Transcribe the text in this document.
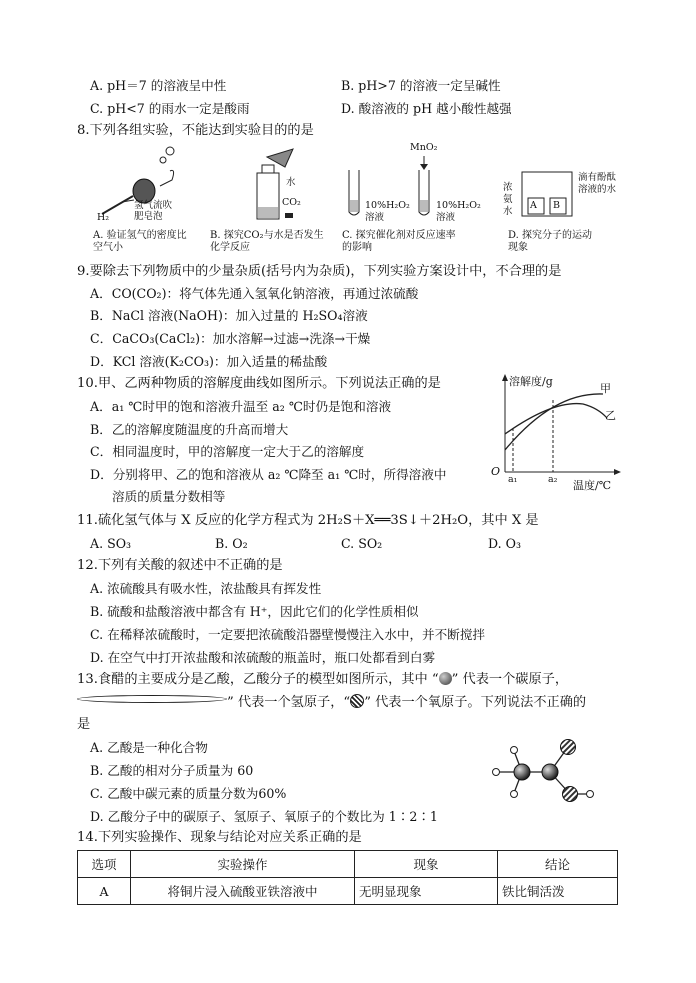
A. pH＝7 的溶液呈中性	B. pH>7 的溶液一定呈碱性
C. pH<7 的雨水一定是酸雨	D. 酸溶液的 pH 越小酸性越强
8.下列各组实验，不能达到实验目的的是
H₂
氢气流吹肥皂泡
A. 验证氢气的密度比空气小
水
CO₂
B. 探究CO₂与水是否发生化学反应
MnO₂
10%H₂O₂溶液
10%H₂O₂溶液
C. 探究催化剂对反应速率的影响
A B
浓氨水
滴有酚酞溶液的水
D. 探究分子的运动现象
9.要除去下列物质中的少量杂质(括号内为杂质)，下列实验方案设计中，不合理的是
A．CO(CO₂)：将气体先通入氢氧化钠溶液，再通过浓硫酸
B．NaCl 溶液(NaOH)：加入过量的 H₂SO₄溶液
C．CaCO₃(CaCl₂)：加水溶解→过滤→洗涤→干燥
D．KCl 溶液(K₂CO₃)：加入适量的稀盐酸
10.甲、乙两种物质的溶解度曲线如图所示。下列说法正确的是
A．a₁ ℃时甲的饱和溶液升温至 a₂ ℃时仍是饱和溶液
B．乙的溶解度随温度的升高而增大
C．相同温度时，甲的溶解度一定大于乙的溶解度
D．分别将甲、乙的饱和溶液从 a₂ ℃降至 a₁ ℃时，所得溶液中
溶质的质量分数相等
溶解度/g
甲
乙
O
a₁	a₂ 温度/℃
11.硫化氢气体与 X 反应的化学方程式为 2H₂S＋X══3S↓＋2H₂O，其中 X 是
A. SO₃	B. O₂	C. SO₂	D. O₃
12.下列有关酸的叙述中不正确的是
A. 浓硫酸具有吸水性，浓盐酸具有挥发性
B. 硫酸和盐酸溶液中都含有 H⁺，因此它们的化学性质相似
C. 在稀释浓硫酸时，一定要把浓硫酸沿器壁慢慢注入水中，并不断搅拌
D. 在空气中打开浓盐酸和浓硫酸的瓶盖时，瓶口处都看到白雾
13.食醋的主要成分是乙酸，乙酸分子的模型如图所示，其中 “ ” 代表一个碳原子，
” 代表一个氢原子，“ ” 代表一个氧原子。下列说法不正确的
是
A. 乙酸是一种化合物
B. 乙酸的相对分子质量为 60
C. 乙酸中碳元素的质量分数为60%
D. 乙酸分子中的碳原子、氢原子、氧原子的个数比为 1∶2∶1
14.下列实验操作、现象与结论对应关系正确的是
选项	实验操作	现象	结论
A	将铜片浸入硫酸亚铁溶液中	无明显现象	铁比铜活泼
